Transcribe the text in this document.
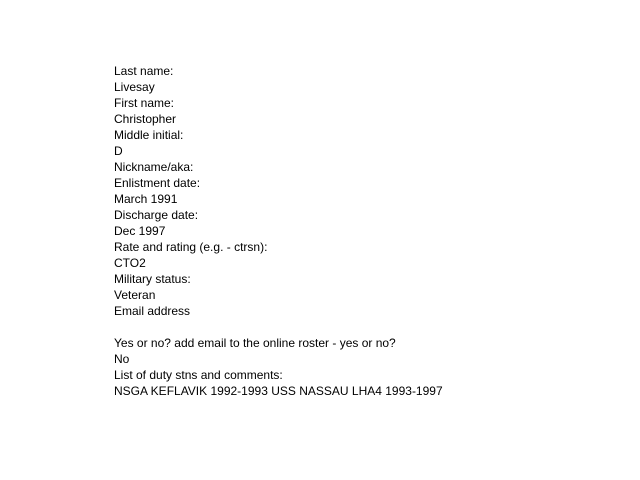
Last name:
Livesay
First name:
Christopher
Middle initial:
D
Nickname/aka:
Enlistment date:
March 1991
Discharge date:
Dec 1997
Rate and rating (e.g. - ctrsn):
CTO2
Military status:
Veteran
Email address
Yes or no? add email to the online roster - yes or no?
No
List of duty stns and comments:
NSGA KEFLAVIK 1992-1993 USS NASSAU LHA4 1993-1997
